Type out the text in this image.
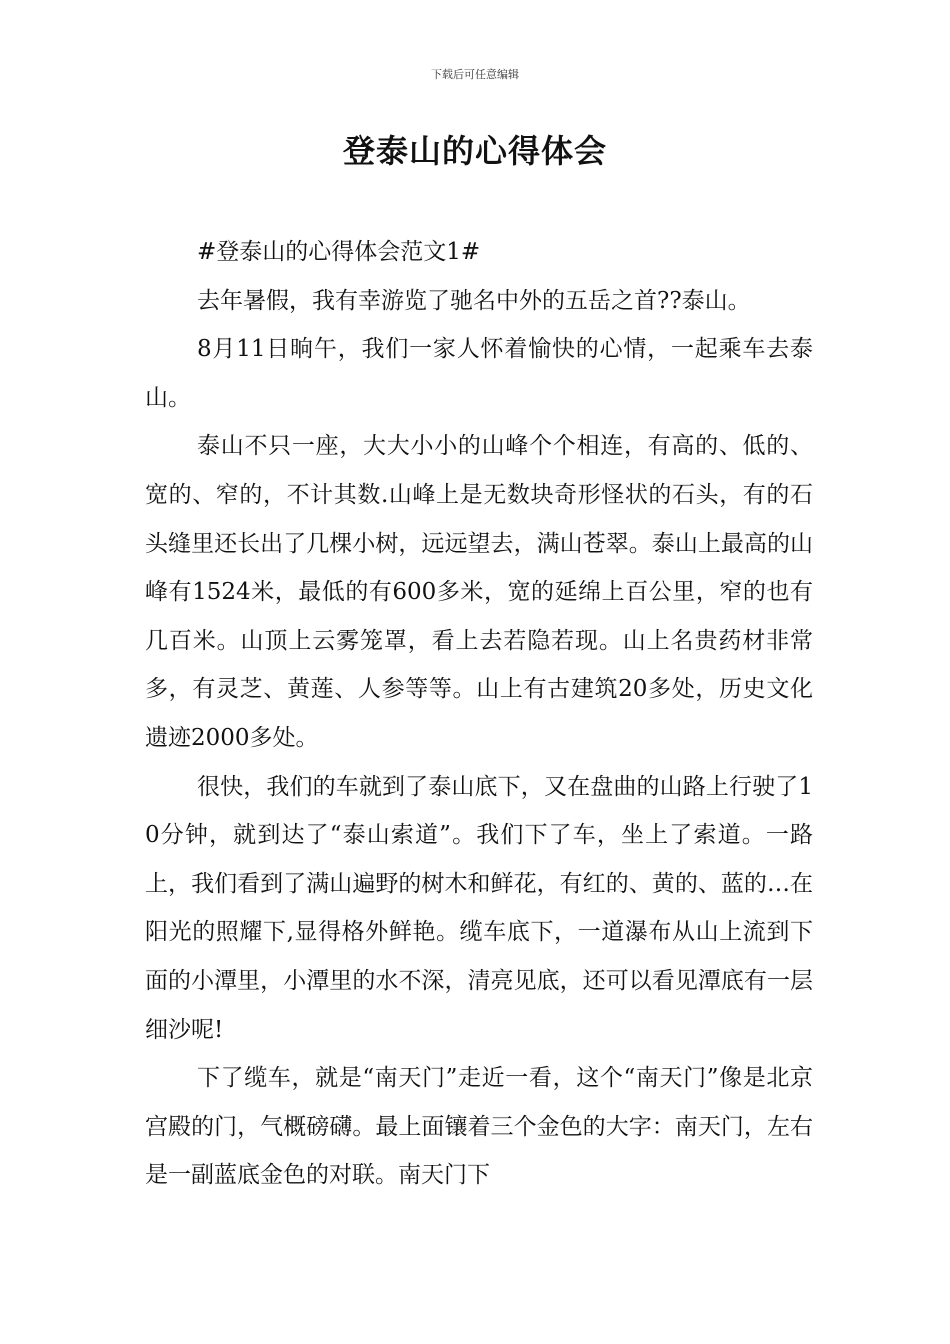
下载后可任意编辑
登泰山的心得体会

#登泰山的心得体会范文1#

去年暑假，我有幸游览了驰名中外的五岳之首??泰山。

8月11日晌午，我们一家人怀着愉快的心情，一起乘车去泰山。

泰山不只一座，大大小小的山峰个个相连，有高的、低的、宽的、窄的，不计其数.山峰上是无数块奇形怪状的石头，有的石头缝里还长出了几棵小树，远远望去，满山苍翠。泰山上最高的山峰有1524米，最低的有600多米，宽的延绵上百公里，窄的也有几百米。山顶上云雾笼罩，看上去若隐若现。山上名贵药材非常多，有灵芝、黄莲、人参等等。山上有古建筑20多处，历史文化遗迹2000多处。

很快，我们的车就到了泰山底下，又在盘曲的山路上行驶了10分钟，就到达了“泰山索道”。我们下了车，坐上了索道。一路上，我们看到了满山遍野的树木和鲜花，有红的、黄的、蓝的…在阳光的照耀下,显得格外鲜艳。缆车底下，一道瀑布从山上流到下面的小潭里，小潭里的水不深，清亮见底，还可以看见潭底有一层细沙呢!

下了缆车，就是“南天门”走近一看，这个“南天门”像是北京宫殿的门，气概磅礴。最上面镶着三个金色的大字：南天门，左右是一副蓝底金色的对联。南天门下
